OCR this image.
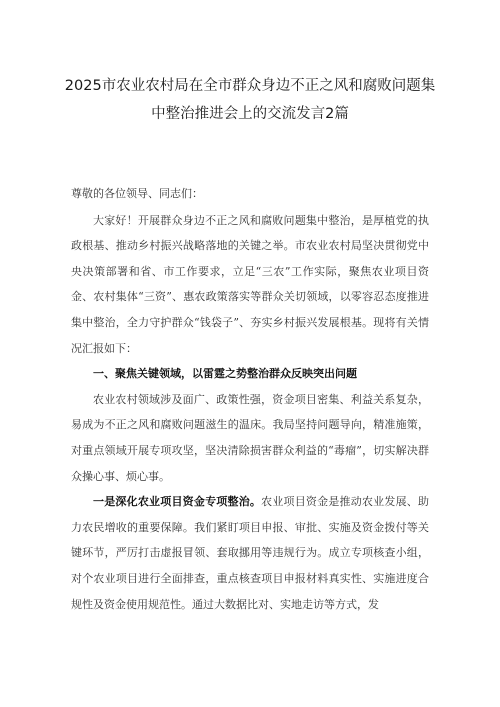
2025市农业农村局在全市群众身边不正之风和腐败问题集
中整治推进会上的交流发言2篇

尊敬的各位领导、同志们：

大家好！开展群众身边不正之风和腐败问题集中整治，是厚植党的执政根基、推动乡村振兴战略落地的关键之举。市农业农村局坚决贯彻党中央决策部署和省、市工作要求，立足“三农”工作实际，聚焦农业项目资金、农村集体“三资”、惠农政策落实等群众关切领域，以零容忍态度推进集中整治，全力守护群众“钱袋子”、夯实乡村振兴发展根基。现将有关情况汇报如下：

一、聚焦关键领域，以雷霆之势整治群众反映突出问题

农业农村领域涉及面广、政策性强，资金项目密集、利益关系复杂，易成为不正之风和腐败问题滋生的温床。我局坚持问题导向，精准施策，对重点领域开展专项攻坚，坚决清除损害群众利益的“毒瘤”，切实解决群众操心事、烦心事。

一是深化农业项目资金专项整治。农业项目资金是推动农业发展、助力农民增收的重要保障。我们紧盯项目申报、审批、实施及资金拨付等关键环节，严厉打击虚报冒领、套取挪用等违规行为。成立专项核查小组，对个农业项目进行全面排查，重点核查项目申报材料真实性、实施进度合规性及资金使用规范性。通过大数据比对、实地走访等方式，发
